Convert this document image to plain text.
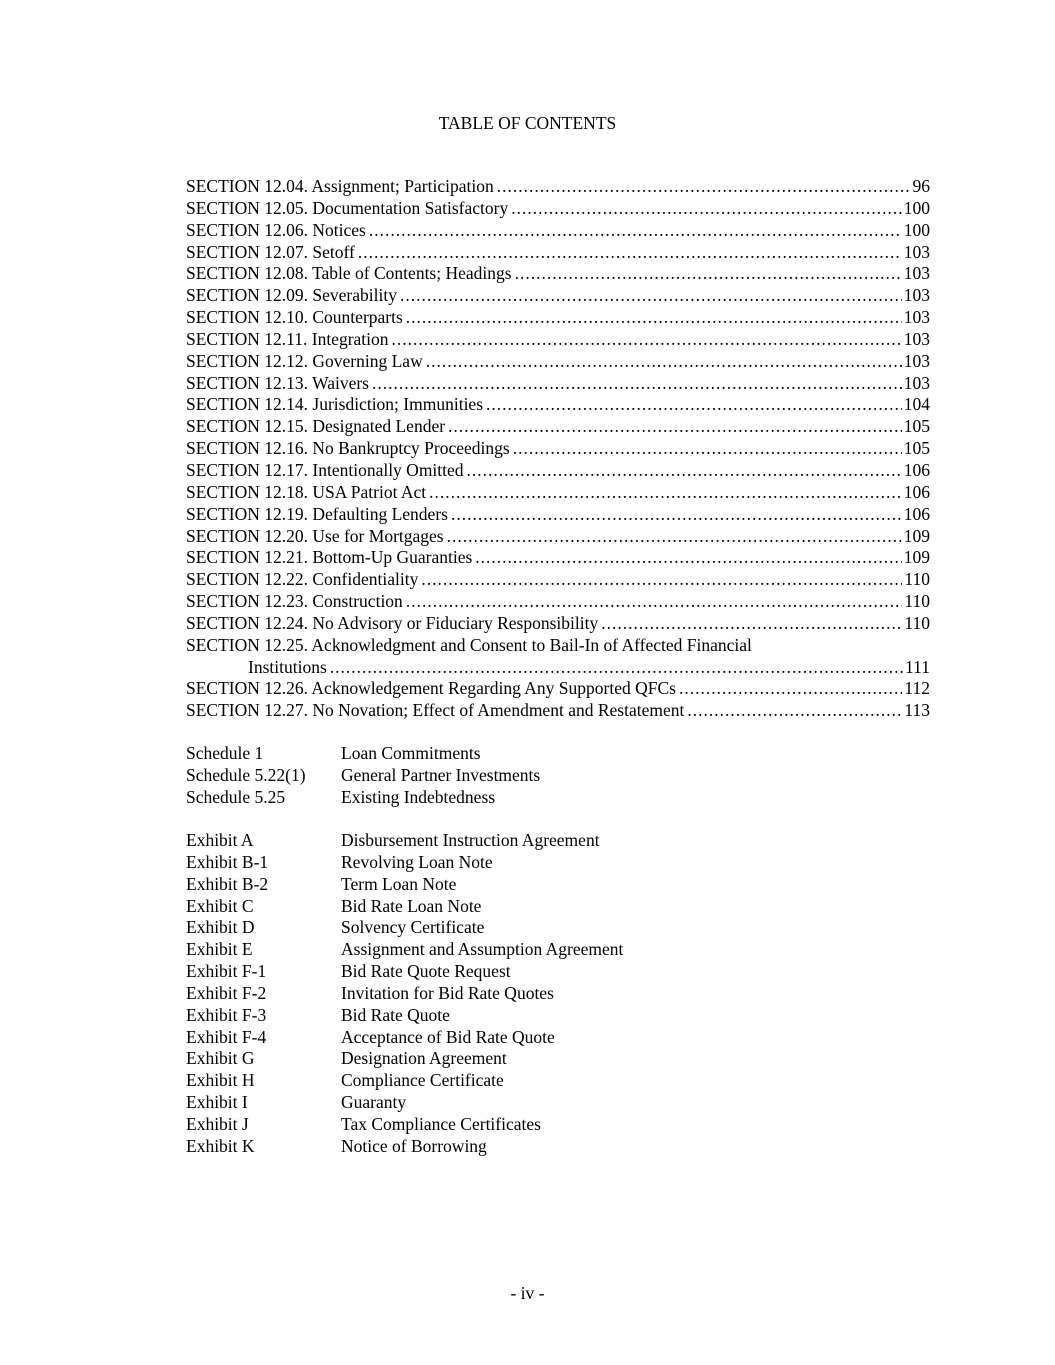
TABLE OF CONTENTS
SECTION 12.04. Assignment; Participation .....	96
SECTION 12.05. Documentation Satisfactory .....	100
SECTION 12.06. Notices .....	100
SECTION 12.07. Setoff .....	103
SECTION 12.08. Table of Contents; Headings .....	103
SECTION 12.09. Severability .....	103
SECTION 12.10. Counterparts .....	103
SECTION 12.11. Integration .....	103
SECTION 12.12. Governing Law .....	103
SECTION 12.13. Waivers .....	103
SECTION 12.14. Jurisdiction; Immunities .....	104
SECTION 12.15. Designated Lender .....	105
SECTION 12.16. No Bankruptcy Proceedings .....	105
SECTION 12.17. Intentionally Omitted .....	106
SECTION 12.18. USA Patriot Act .....	106
SECTION 12.19. Defaulting Lenders .....	106
SECTION 12.20. Use for Mortgages .....	109
SECTION 12.21. Bottom-Up Guaranties .....	109
SECTION 12.22. Confidentiality .....	110
SECTION 12.23. Construction .....	110
SECTION 12.24. No Advisory or Fiduciary Responsibility .....	110
SECTION 12.25. Acknowledgment and Consent to Bail-In of Affected Financial
Institutions .....	111
SECTION 12.26. Acknowledgement Regarding Any Supported QFCs .....	112
SECTION 12.27. No Novation; Effect of Amendment and Restatement .....	113
Schedule 1	Loan Commitments
Schedule 5.22(1)	General Partner Investments
Schedule 5.25	Existing Indebtedness
Exhibit A	Disbursement Instruction Agreement
Exhibit B-1	Revolving Loan Note
Exhibit B-2	Term Loan Note
Exhibit C	Bid Rate Loan Note
Exhibit D	Solvency Certificate
Exhibit E	Assignment and Assumption Agreement
Exhibit F-1	Bid Rate Quote Request
Exhibit F-2	Invitation for Bid Rate Quotes
Exhibit F-3	Bid Rate Quote
Exhibit F-4	Acceptance of Bid Rate Quote
Exhibit G	Designation Agreement
Exhibit H	Compliance Certificate
Exhibit I	Guaranty
Exhibit J	Tax Compliance Certificates
Exhibit K	Notice of Borrowing
- iv -
